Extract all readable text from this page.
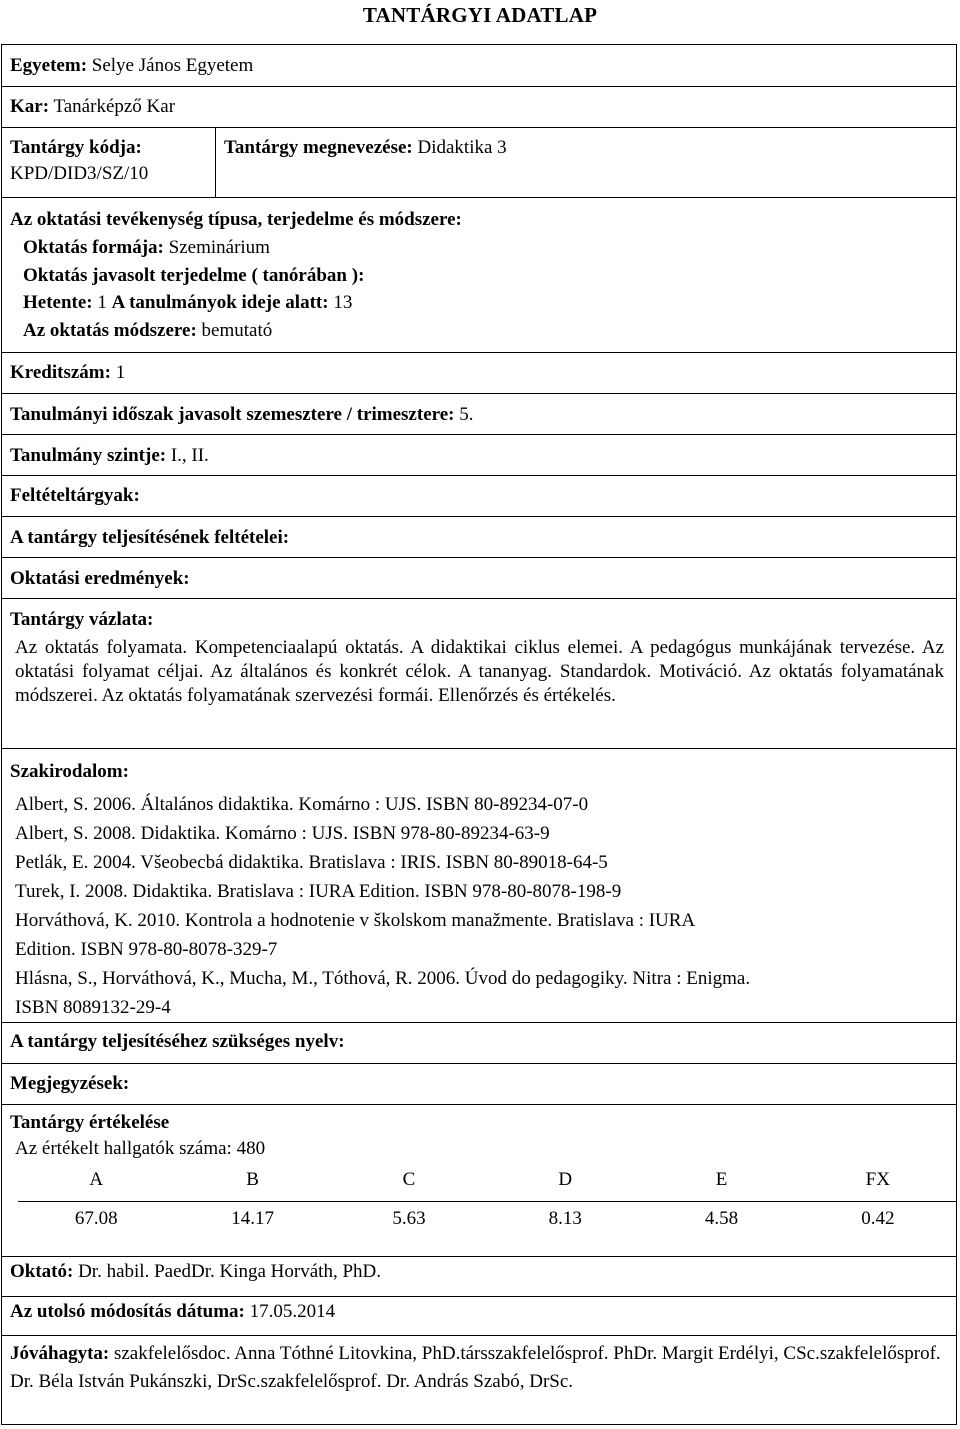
TANTÁRGYI ADATLAP
Egyetem: Selye János Egyetem
Kar: Tanárképző Kar
Tantárgy kódja:
KPD/DID3/SZ/10
Tantárgy megnevezése: Didaktika 3
Az oktatási tevékenység típusa, terjedelme és módszere:
Oktatás formája: Szeminárium
Oktatás javasolt terjedelme ( tanórában ):
Hetente: 1 A tanulmányok ideje alatt: 13
Az oktatás módszere: bemutató
Kreditszám: 1
Tanulmányi időszak javasolt szemesztere / trimesztere: 5.
Tanulmány szintje: I., II.
Feltételtárgyak:
A tantárgy teljesítésének feltételei:
Oktatási eredmények:
Tantárgy vázlata:

Az oktatás folyamata. Kompetenciaalapú oktatás. A didaktikai ciklus elemei. A pedagógus munkájának tervezése. Az oktatási folyamat céljai. Az általános és konkrét célok. A tananyag. Standardok. Motiváció. Az oktatás folyamatának módszerei. Az oktatás folyamatának szervezési formái. Ellenőrzés és értékelés.

Szakirodalom:
Albert, S. 2006. Általános didaktika. Komárno : UJS. ISBN 80-89234-07-0
Albert, S. 2008. Didaktika. Komárno : UJS. ISBN 978-80-89234-63-9
Petlák, E. 2004. Všeobecbá didaktika. Bratislava : IRIS. ISBN 80-89018-64-5
Turek, I. 2008. Didaktika. Bratislava : IURA Edition. ISBN 978-80-8078-198-9
Horváthová, K. 2010. Kontrola a hodnotenie v školskom manažmente. Bratislava : IURA
Edition. ISBN 978-80-8078-329-7
Hlásna, S., Horváthová, K., Mucha, M., Tóthová, R. 2006. Úvod do pedagogiky. Nitra : Enigma.
ISBN 8089132-29-4
A tantárgy teljesítéséhez szükséges nyelv:
Megjegyzések:
Tantárgy értékelése
Az értékelt hallgatók száma: 480
A	B	C	D	E	FX
67.08	14.17	5.63	8.13	4.58	0.42
Oktató: Dr. habil. PaedDr. Kinga Horváth, PhD.
Az utolsó módosítás dátuma: 17.05.2014
Jóváhagyta: szakfelelősdoc. Anna Tóthné Litovkina, PhD.társszakfelelősprof. PhDr. Margit Erdélyi, CSc.szakfelelősprof. Dr. Béla István Pukánszki, DrSc.szakfelelősprof. Dr. András Szabó, DrSc.
